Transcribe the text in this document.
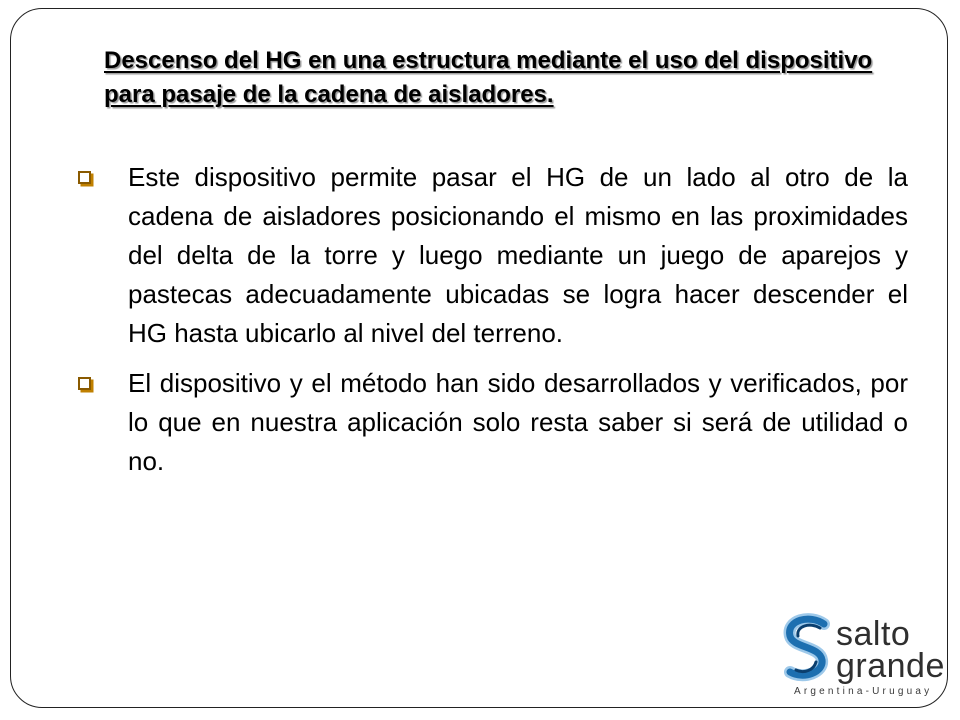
Descenso del HG en una estructura mediante el uso del dispositivo para pasaje de la cadena de aisladores.
Este dispositivo permite pasar el HG de un lado al otro de la cadena de aisladores posicionando el mismo en las proximidades del delta de la torre y luego mediante un juego de aparejos y pastecas adecuadamente ubicadas se logra hacer descender el HG hasta ubicarlo al nivel del terreno.
El dispositivo y el método han sido desarrollados y verificados, por lo que en nuestra aplicación solo resta saber si será de utilidad o no.
salto
grande
Argentina-Uruguay
